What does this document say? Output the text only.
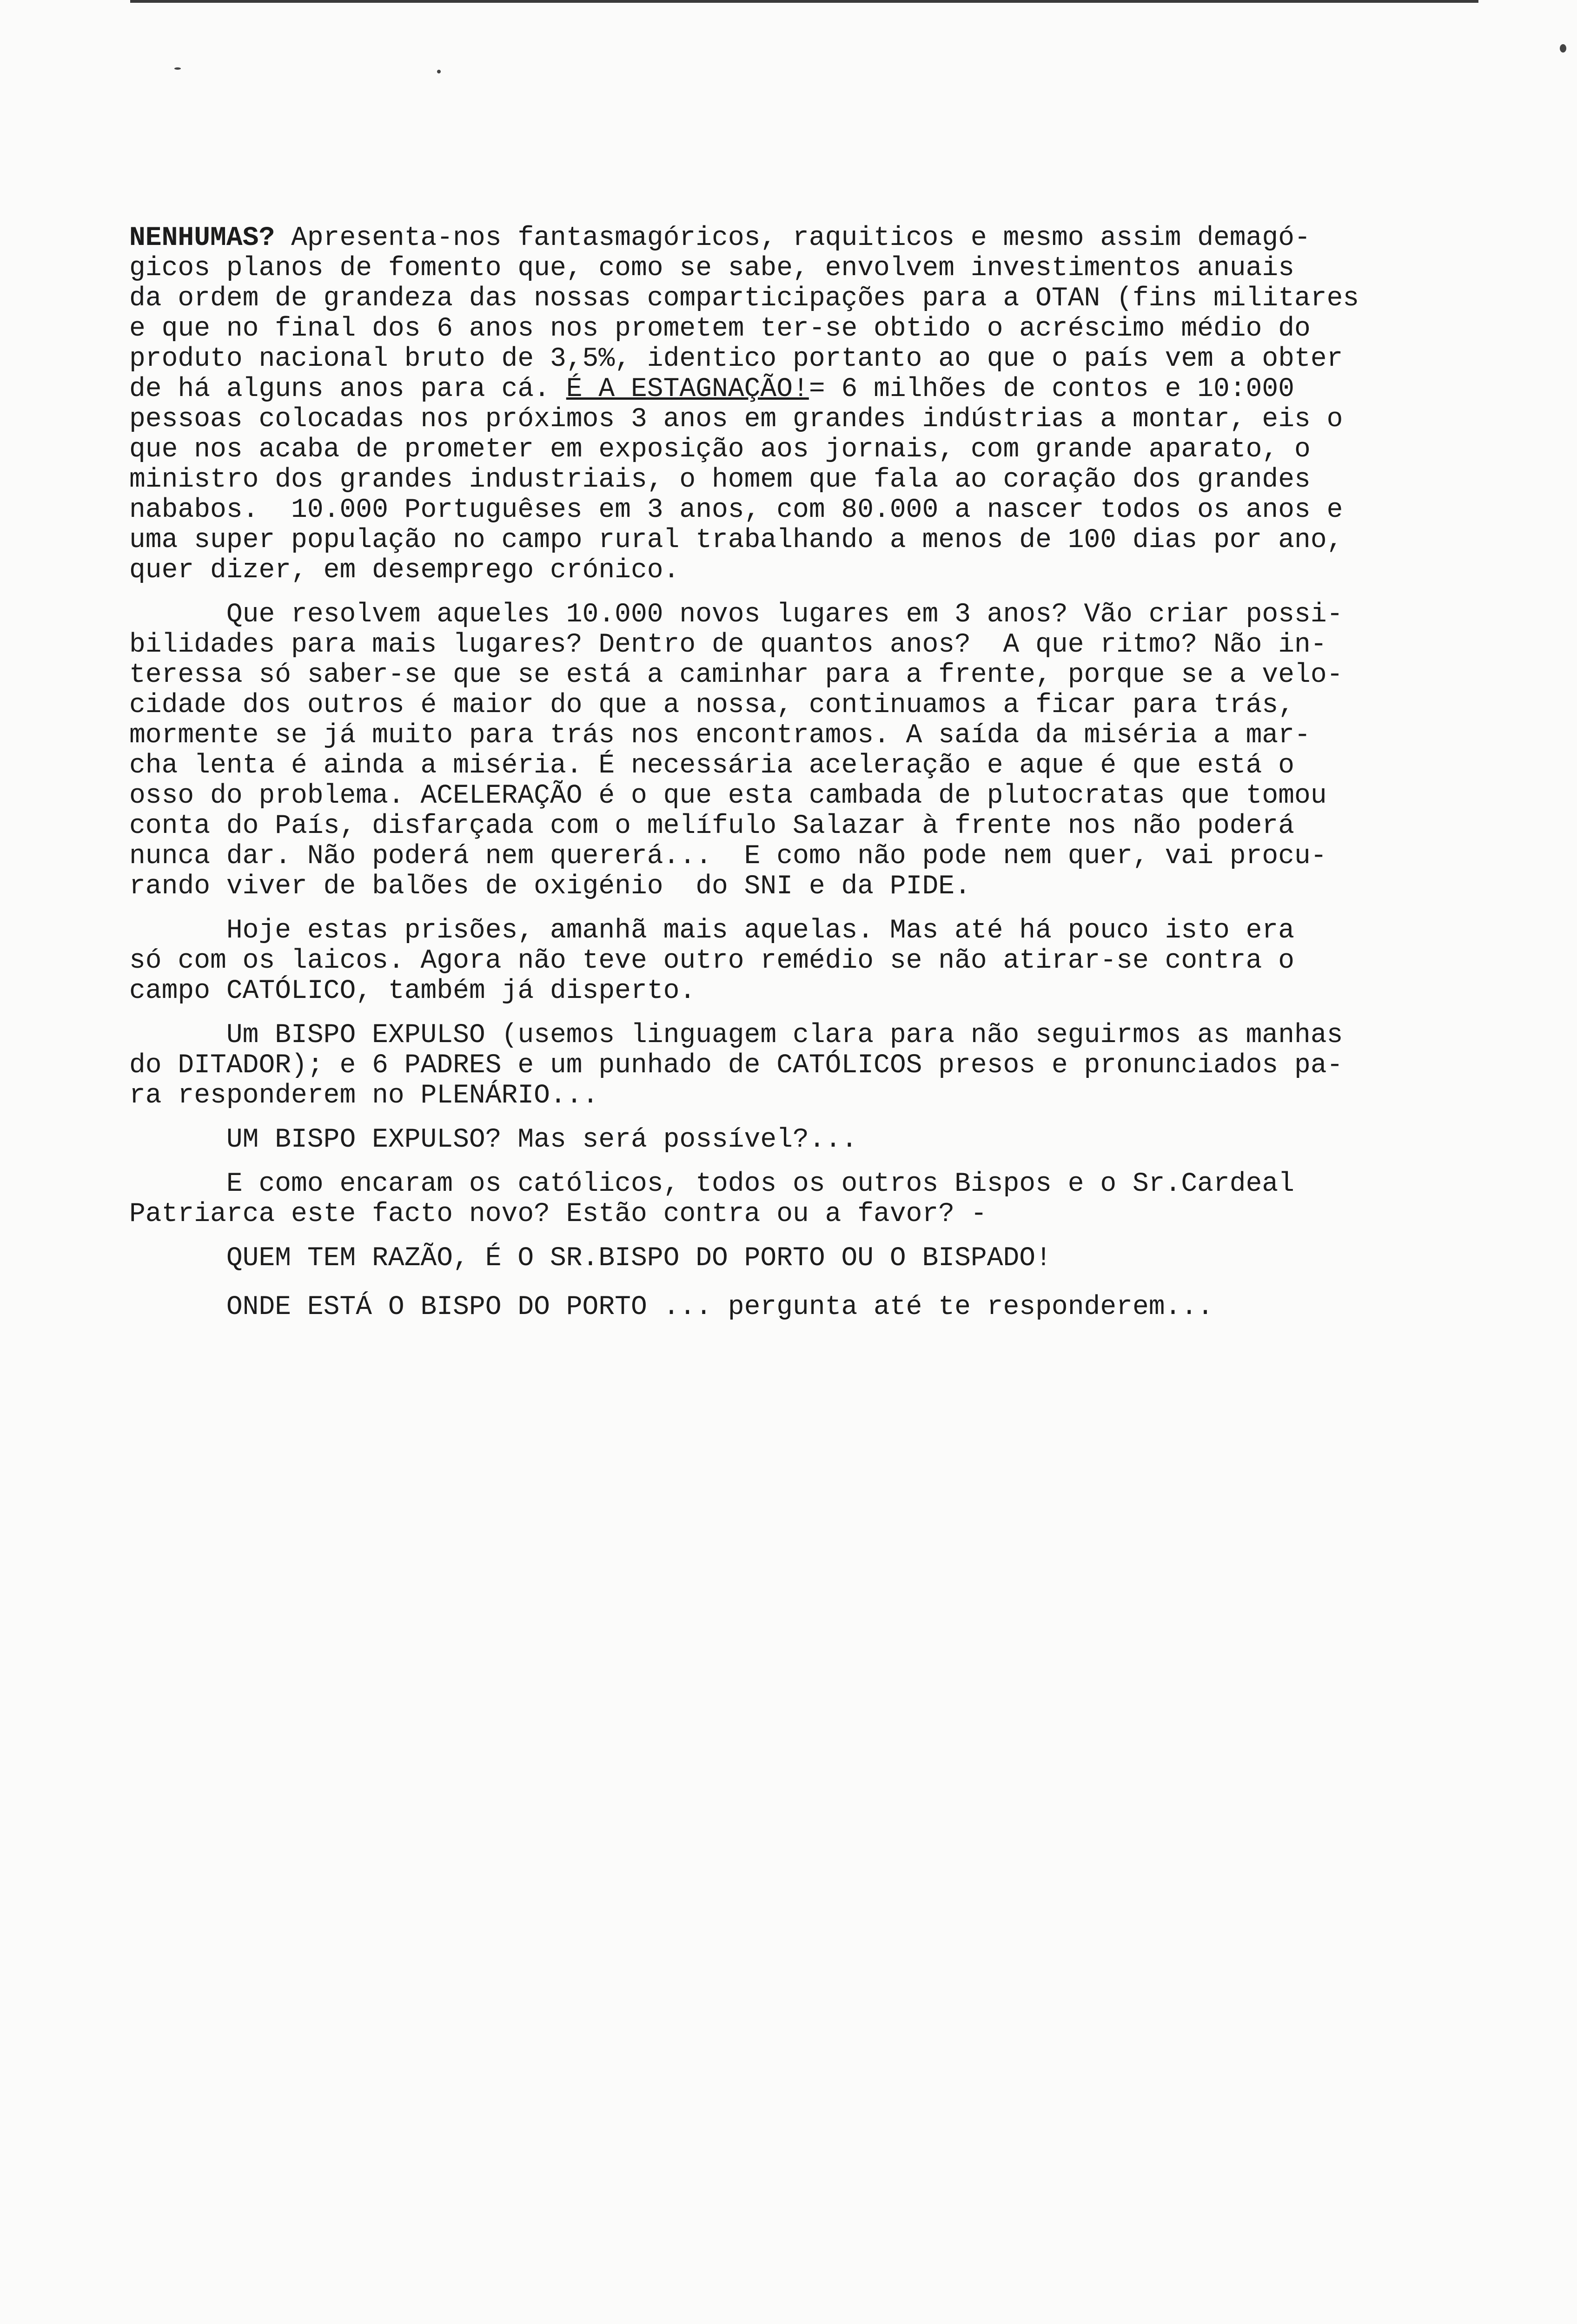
NENHUMAS? Apresenta-nos fantasmagóricos, raquiticos e mesmo assim demagó-
gicos planos de fomento que, como se sabe, envolvem investimentos anuais
da ordem de grandeza das nossas comparticipações para a OTAN (fins militares
e que no final dos 6 anos nos prometem ter-se obtido o acréscimo médio do
produto nacional bruto de 3,5%, identico portanto ao que o país vem a obter
de há alguns anos para cá. É A ESTAGNAÇÃO!= 6 milhões de contos e 10:000
pessoas colocadas nos próximos 3 anos em grandes indústrias a montar, eis o
que nos acaba de prometer em exposição aos jornais, com grande aparato, o
ministro dos grandes industriais, o homem que fala ao coração dos grandes
nababos.  10.000 Portuguêses em 3 anos, com 80.000 a nascer todos os anos e
uma super população no campo rural trabalhando a menos de 100 dias por ano,
quer dizer, em desemprego crónico.
Que resolvem aqueles 10.000 novos lugares em 3 anos? Vão criar possi-
bilidades para mais lugares? Dentro de quantos anos?  A que ritmo? Não in-
teressa só saber-se que se está a caminhar para a frente, porque se a velo-
cidade dos outros é maior do que a nossa, continuamos a ficar para trás,
mormente se já muito para trás nos encontramos. A saída da miséria a mar-
cha lenta é ainda a miséria. É necessária aceleração e aque é que está o
osso do problema. ACELERAÇÃO é o que esta cambada de plutocratas que tomou
conta do País, disfarçada com o melífulo Salazar à frente nos não poderá
nunca dar. Não poderá nem quererá...  E como não pode nem quer, vai procu-
rando viver de balões de oxigénio  do SNI e da PIDE.
Hoje estas prisões, amanhã mais aquelas. Mas até há pouco isto era
só com os laicos. Agora não teve outro remédio se não atirar-se contra o
campo CATÓLICO, também já disperto.
Um BISPO EXPULSO (usemos linguagem clara para não seguirmos as manhas
do DITADOR); e 6 PADRES e um punhado de CATÓLICOS presos e pronunciados pa-
ra responderem no PLENÁRIO...
UM BISPO EXPULSO? Mas será possível?...
E como encaram os católicos, todos os outros Bispos e o Sr.Cardeal
Patriarca este facto novo? Estão contra ou a favor? -
QUEM TEM RAZÃO, É O SR.BISPO DO PORTO OU O BISPADO!
ONDE ESTÁ O BISPO DO PORTO ... pergunta até te responderem...
